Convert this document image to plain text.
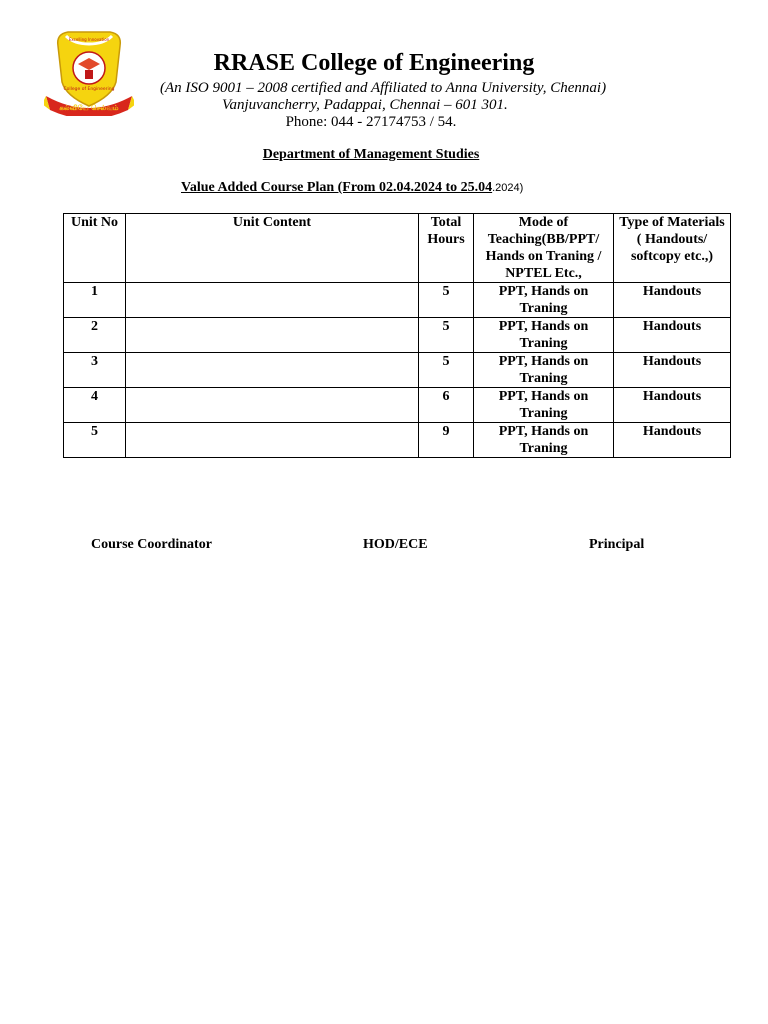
Excelling Innovation
College of Engineering
கல்வியே செல்வம்
RRASE College of Engineering
(An ISO 9001 – 2008 certified and Affiliated to Anna University, Chennai)
Vanjuvancherry, Padappai, Chennai – 601 301.
Phone: 044 - 27174753 / 54.
Department of Management Studies
Value Added Course Plan (From 02.04.2024 to 25.04.2024)
Unit No	Unit Content	Total Hours	Mode of Teaching(BB/PPT/ Hands on Traning / NPTEL Etc.,	Type of Materials ( Handouts/ softcopy etc.,)
1		5	PPT, Hands on Traning	Handouts
2		5	PPT, Hands on Traning	Handouts
3		5	PPT, Hands on Traning	Handouts
4		6	PPT, Hands on Traning	Handouts
5		9	PPT, Hands on Traning	Handouts
Course Coordinator	HOD/ECE	Principal
